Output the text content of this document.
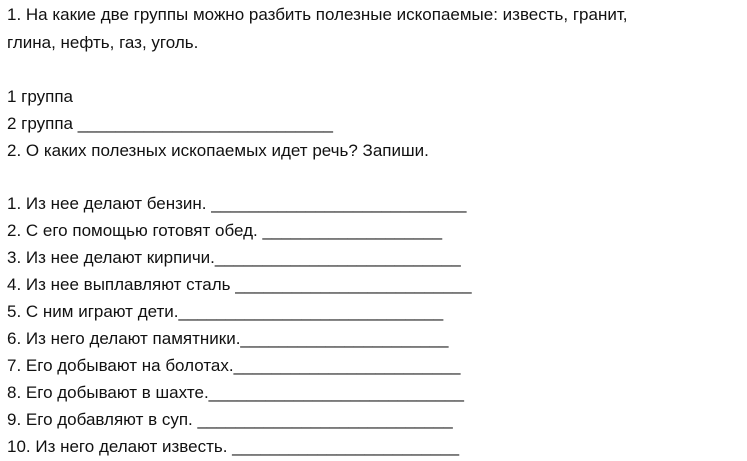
1. На какие две группы можно разбить полезные ископаемые: известь, гранит,
глина, нефть, газ, уголь.
1 группа
2 группа ___________________________
2. О каких полезных ископаемых идет речь? Запиши.
1. Из нее делают бензин. ___________________________
2. С его помощью готовят обед. ___________________
3. Из нее делают кирпичи.__________________________
4. Из нее выплавляют сталь _________________________
5. С ним играют дети.____________________________
6. Из него делают памятники.______________________
7. Его добывают на болотах.________________________
8. Его добывают в шахте.___________________________
9. Его добавляют в суп. ___________________________
10. Из него делают известь. ________________________
